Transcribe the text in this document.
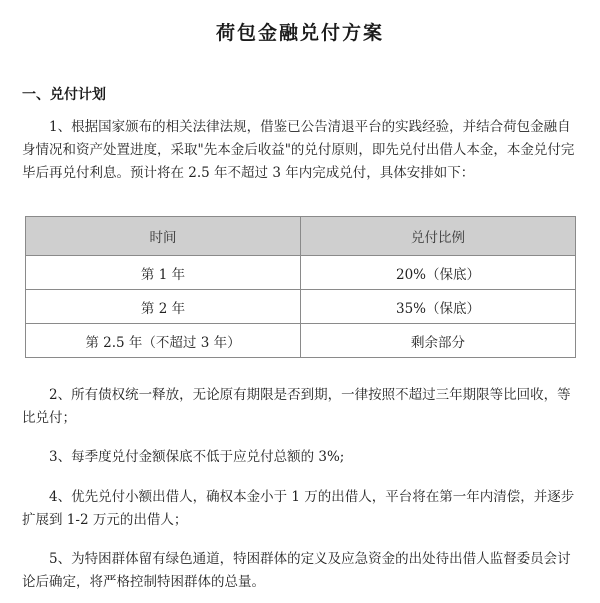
荷包金融兑付方案
一、兑付计划

1、根据国家颁布的相关法律法规，借鉴已公告清退平台的实践经验，并结合荷包金融自身情况和资产处置进度，采取"先本金后收益"的兑付原则，即先兑付出借人本金，本金兑付完毕后再兑付利息。预计将在 2.5 年不超过 3 年内完成兑付，具体安排如下：

时间	兑付比例
第 1 年	20%（保底）
第 2 年	35%（保底）
第 2.5 年（不超过 3 年）	剩余部分

2、所有债权统一释放，无论原有期限是否到期，一律按照不超过三年期限等比回收，等比兑付；

3、每季度兑付金额保底不低于应兑付总额的 3%;

4、优先兑付小额出借人，确权本金小于 1 万的出借人，平台将在第一年内清偿，并逐步扩展到 1-2 万元的出借人；

5、为特困群体留有绿色通道，特困群体的定义及应急资金的出处待出借人监督委员会讨论后确定，将严格控制特困群体的总量。
